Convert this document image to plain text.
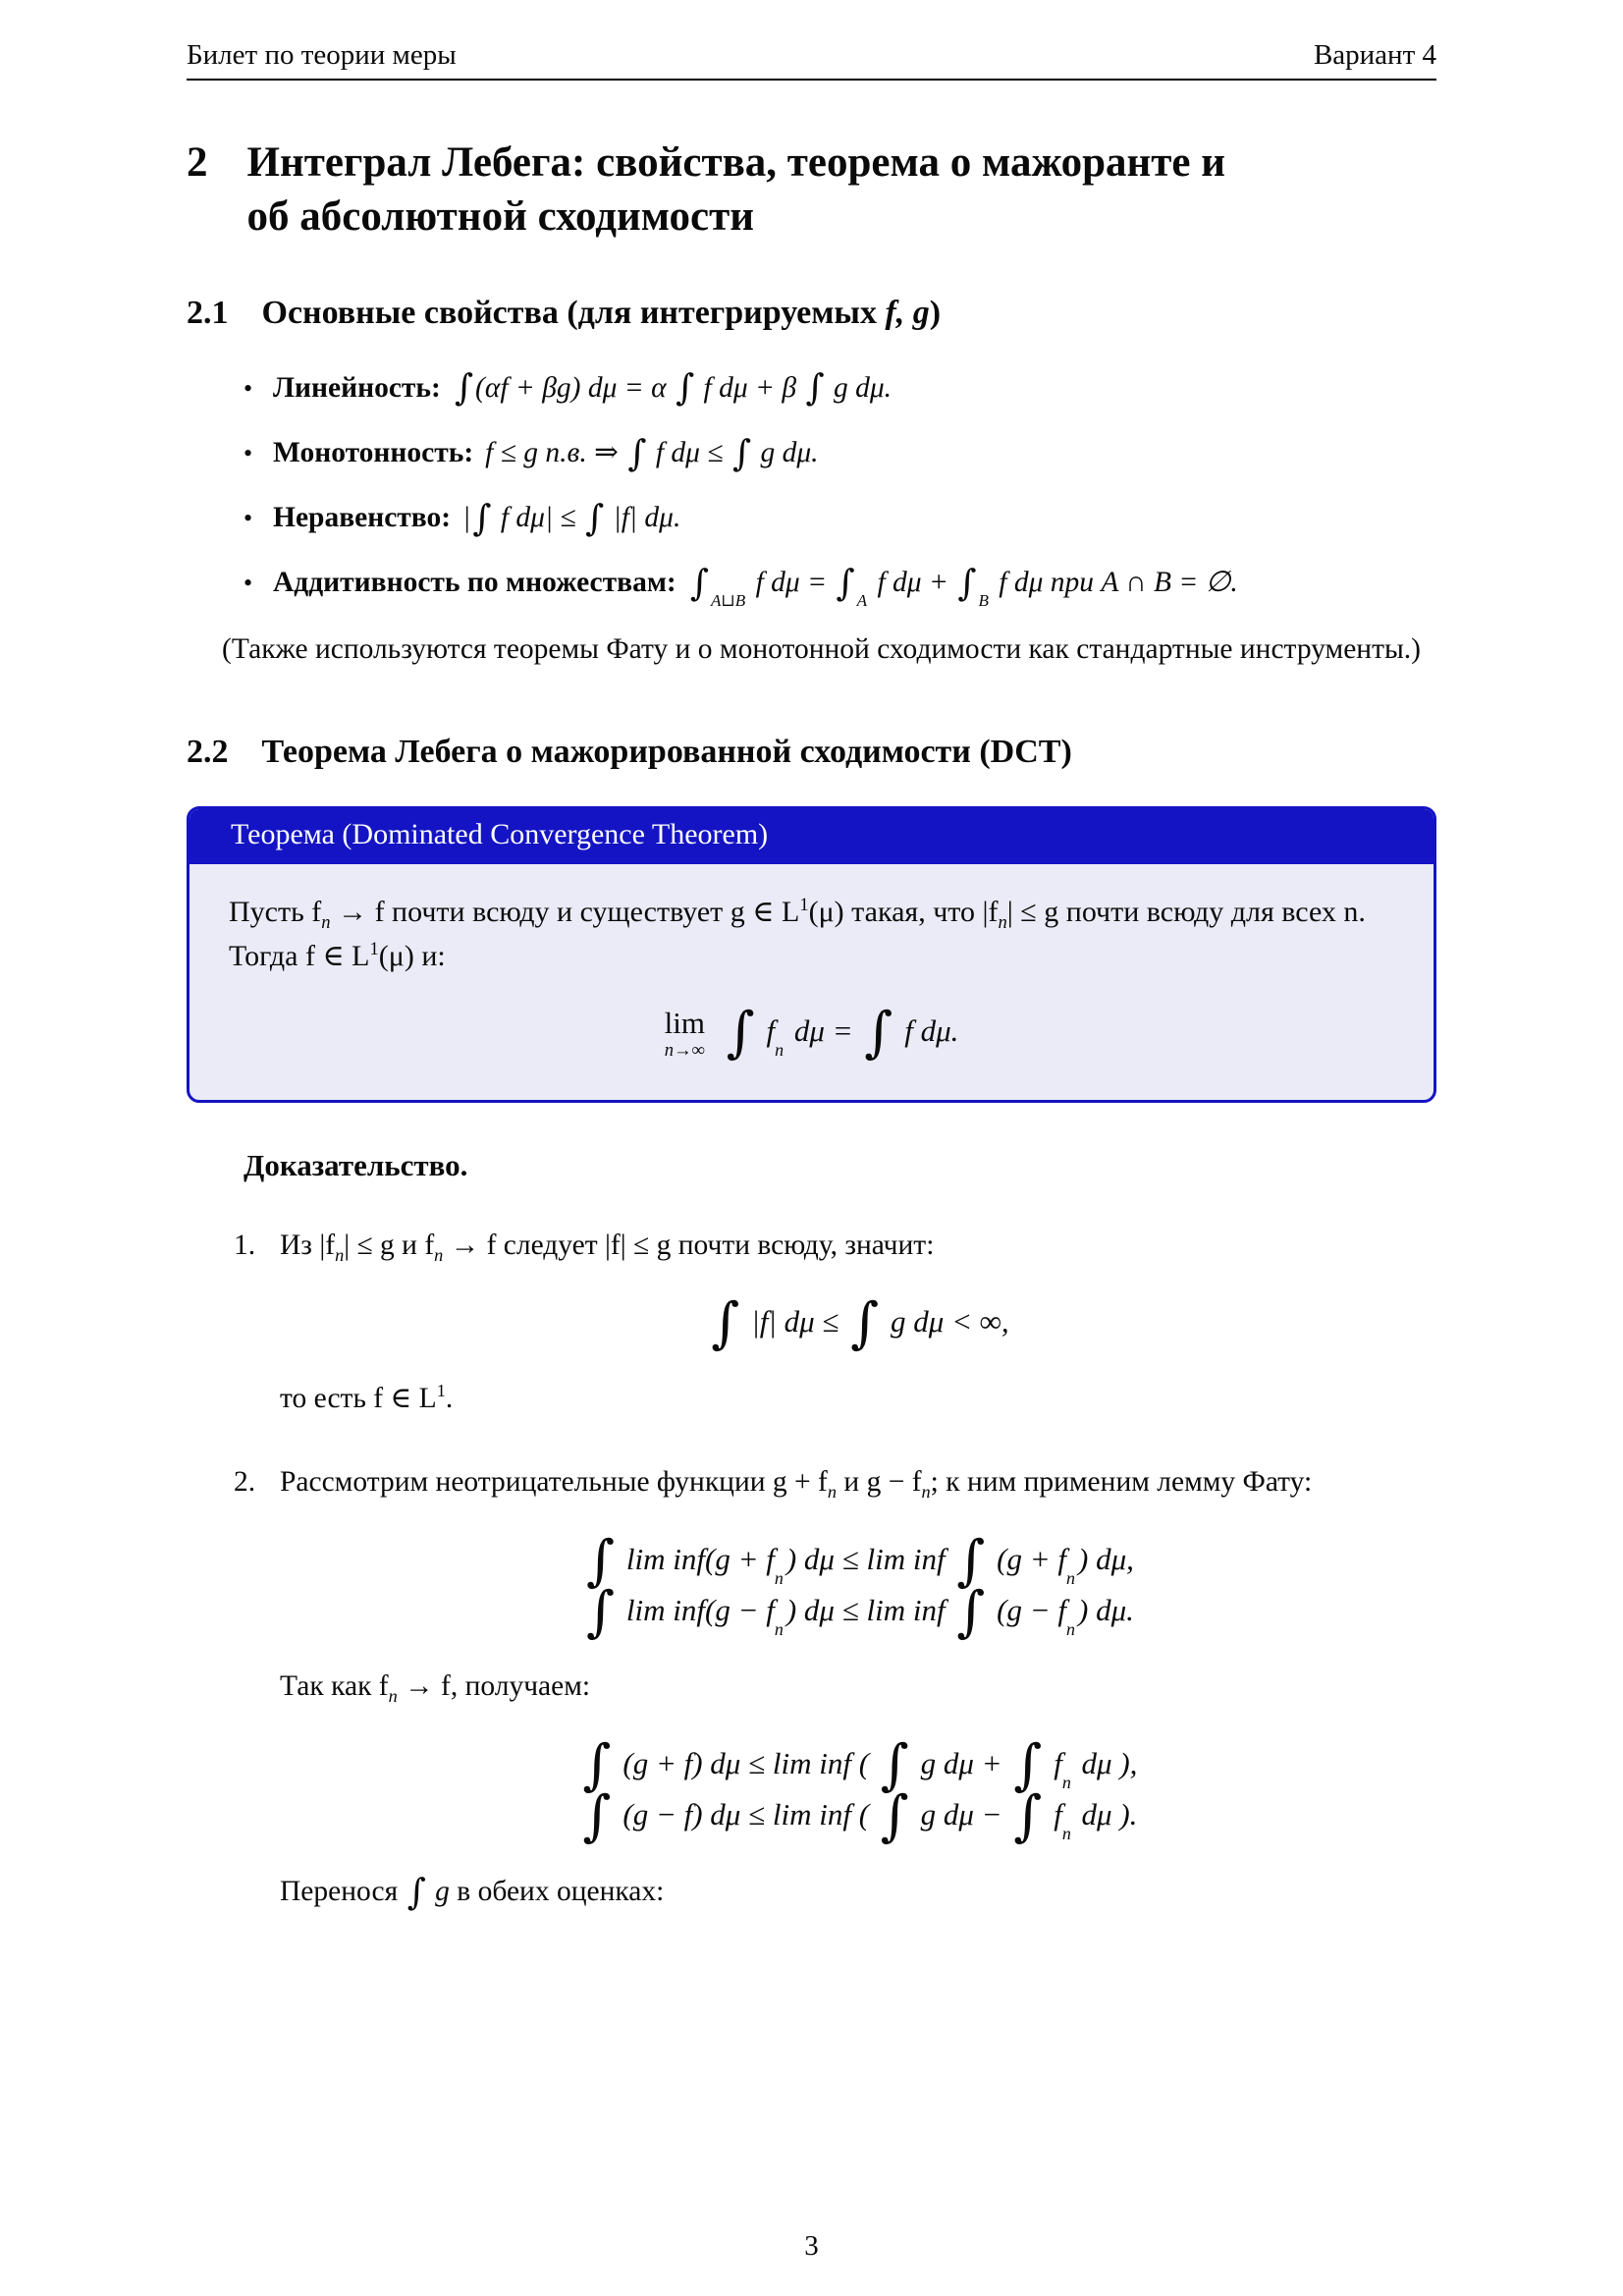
Билет по теории меры	Вариант 4
2 Интеграл Лебега: свойства, теорема о мажоранте и об абсолютной сходимости
2.1 Основные свойства (для интегрируемых f, g)
• Линейность: ∫(αf + βg) dμ = α ∫ f dμ + β ∫ g dμ.
• Монотонность: f ≤ g п.в. ⇒ ∫ f dμ ≤ ∫ g dμ.
• Неравенство: |∫ f dμ| ≤ ∫ |f| dμ.
• Аддитивность по множествам: ∫ $_{A⊔B}$ f dμ = ∫ $_A$ f dμ + ∫ $_B$ f dμ при A ∩ B = ∅.
(Также используются теоремы Фату и о монотонной сходимости как стандартные инструменты.)
2.2 Теорема Лебега о мажорированной сходимости (DCT)
Теорема (Dominated Convergence Theorem)
Пусть $f_n \to f$ почти всюду и существует g ∈ $L^1(\mu)$ такая, что $|f_n| \le g$ почти всюду для всех n.
Тогда f ∈ $L^1(\mu)$ и:
lim
n→∞ ∫ $f_n$ dμ = ∫ f dμ.
Доказательство.
1. Из $|f_n| \le g$ и $f_n \to f$ следует |f| ≤ g почти всюду, значит:
∫ |f| dμ ≤ ∫ g dμ < ∞,
то есть f ∈ $L^1$.
2. Рассмотрим неотрицательные функции $g + f_n$ и $g - f_n$; к ним применим лемму Фату:
∫ $\lim inf(g + f_n)$ dμ ≤ lim inf ∫ $(g + f_n)$ dμ,
∫ $\lim inf(g - f_n)$ dμ ≤ lim inf ∫ $(g - f_n)$ dμ.
Так как $f_n \to f$, получаем:
∫ (g + f) dμ ≤ lim inf ( ∫ g dμ + ∫ $f_n$ dμ ),
∫ (g − f) dμ ≤ lim inf ( ∫ g dμ − ∫ $f_n$ dμ ).
Перенося ∫ g в обеих оценках:
3
